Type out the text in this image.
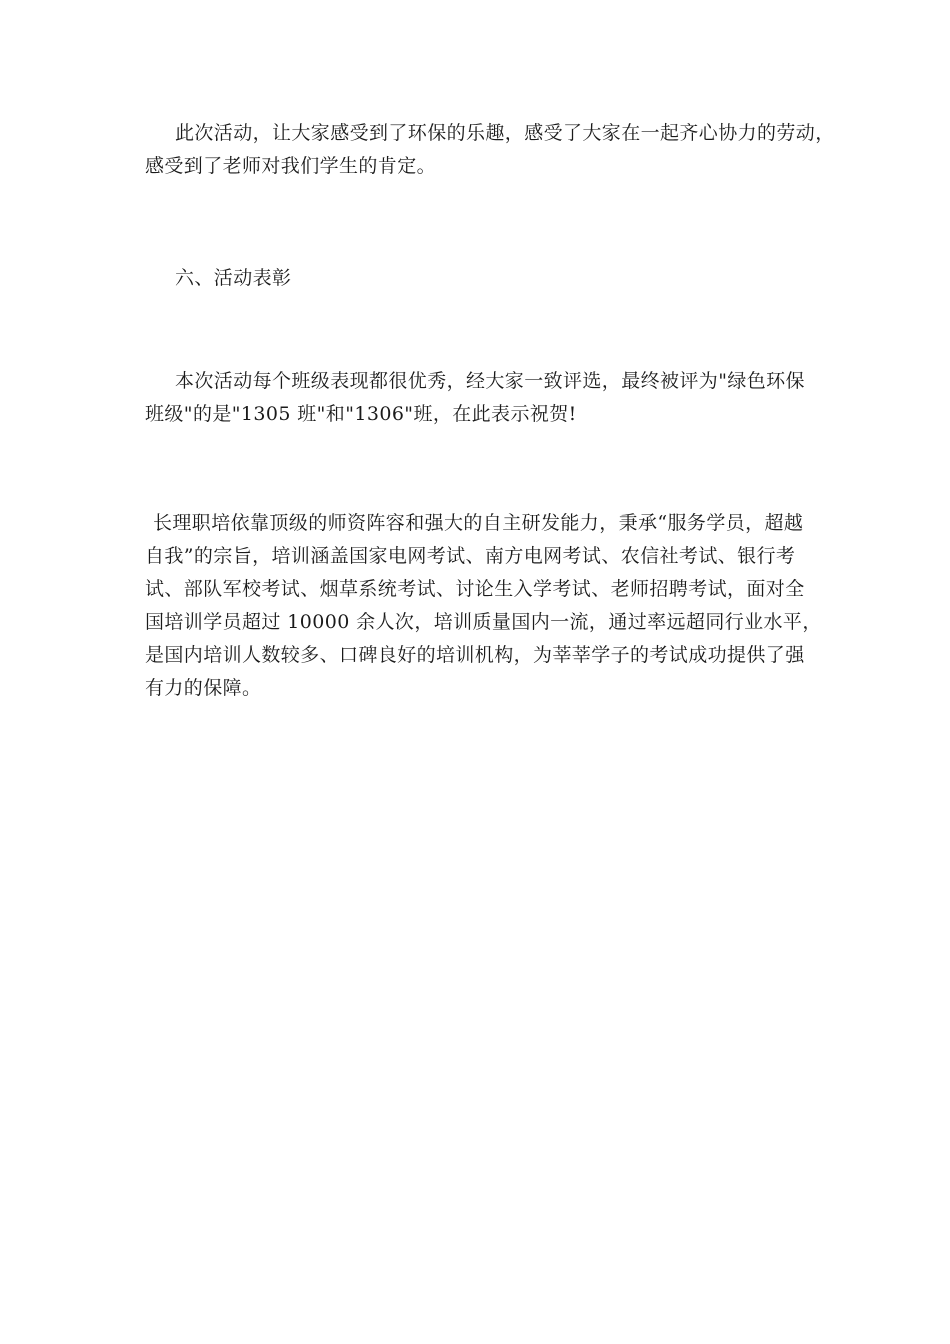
此次活动，让大家感受到了环保的乐趣，感受了大家在一起齐心协力的劳动，
感受到了老师对我们学生的肯定。
六、活动表彰
本次活动每个班级表现都很优秀，经大家一致评选，最终被评为"绿色环保
班级"的是"1305 班"和"1306"班，在此表示祝贺!
长理职培依靠顶级的师资阵容和强大的自主研发能力，秉承“服务学员，超越
自我”的宗旨，培训涵盖国家电网考试、南方电网考试、农信社考试、银行考
试、部队军校考试、烟草系统考试、讨论生入学考试、老师招聘考试，面对全
国培训学员超过 10000 余人次，培训质量国内一流，通过率远超同行业水平，
是国内培训人数较多、口碑良好的培训机构，为莘莘学子的考试成功提供了强
有力的保障。
